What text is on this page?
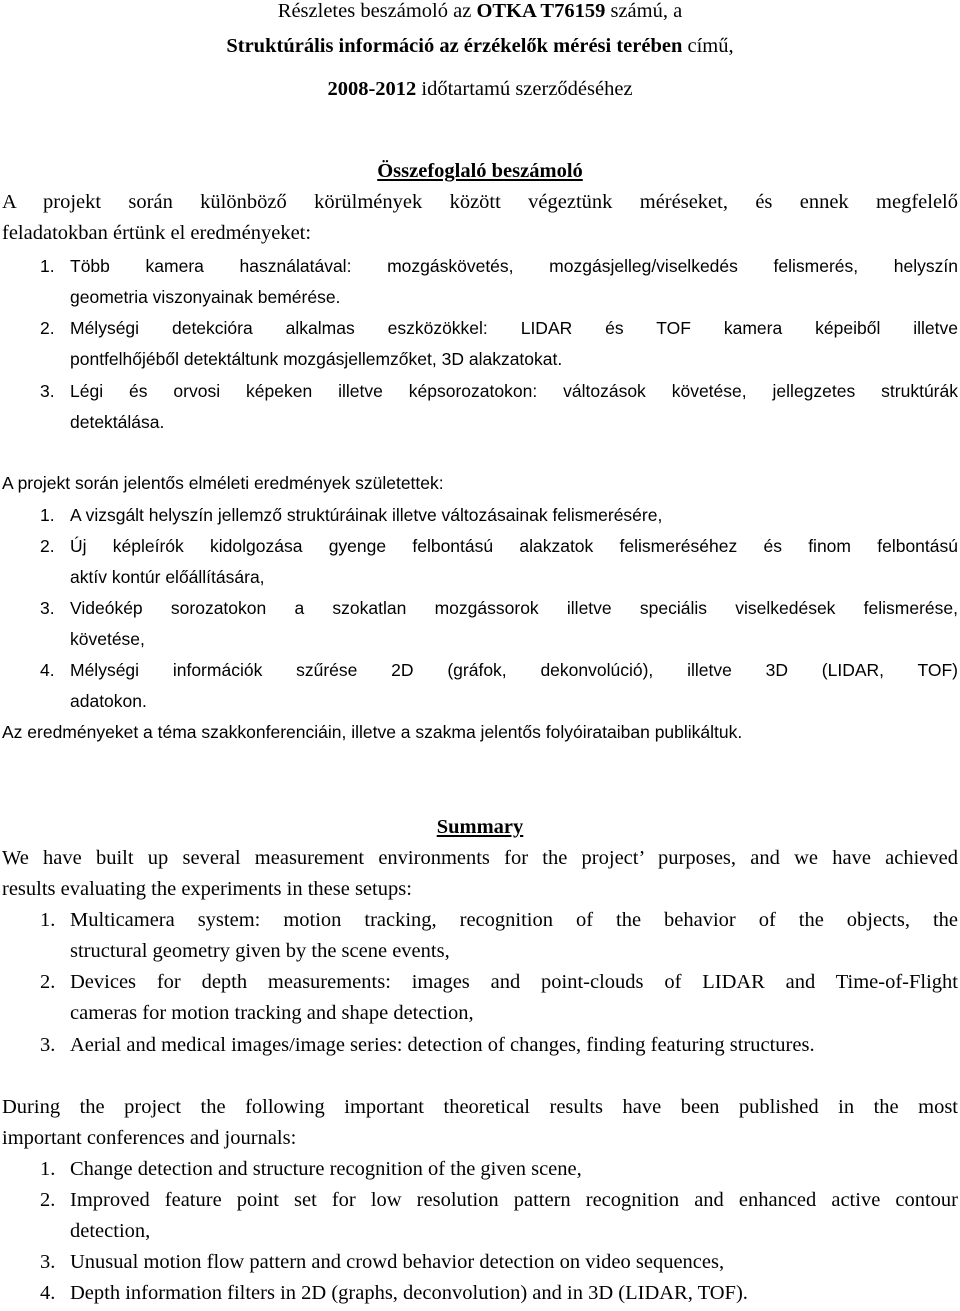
Részletes beszámoló az OTKA T76159 számú, a
Struktúrális információ az érzékelők mérési terében című,
2008-2012 időtartamú szerződéséhez
Összefoglaló beszámoló
A projekt során különböző körülmények között végeztünk méréseket, és ennek megfelelő
feladatokban értünk el eredményeket:
1. Több kamera használatával: mozgáskövetés, mozgásjelleg/viselkedés felismerés, helyszín
geometria viszonyainak bemérése.
2. Mélységi detekcióra alkalmas eszközökkel: LIDAR és TOF kamera képeiből illetve
pontfelhőjéből detektáltunk mozgásjellemzőket, 3D alakzatokat.
3. Légi és orvosi képeken illetve képsorozatokon: változások követése, jellegzetes struktúrák
detektálása.
A projekt során jelentős elméleti eredmények születettek:
1. A vizsgált helyszín jellemző struktúráinak illetve változásainak felismerésére,
2. Új képleírók kidolgozása gyenge felbontású alakzatok felismeréséhez és finom felbontású
aktív kontúr előállítására,
3. Videókép sorozatokon a szokatlan mozgássorok illetve speciális viselkedések felismerése,
követése,
4. Mélységi információk szűrése 2D (gráfok, dekonvolúció), illetve 3D (LIDAR, TOF)
adatokon.
Az eredményeket a téma szakkonferenciáin, illetve a szakma jelentős folyóirataiban publikáltuk.
Summary
We have built up several measurement environments for the project’ purposes, and we have achieved
results evaluating the experiments in these setups:
1. Multicamera system: motion tracking, recognition of the behavior of the objects, the
structural geometry given by the scene events,
2. Devices for depth measurements: images and point-clouds of LIDAR and Time-of-Flight
cameras for motion tracking and shape detection,
3. Aerial and medical images/image series: detection of changes, finding featuring structures.
During the project the following important theoretical results have been published in the most
important conferences and journals:
1. Change detection and structure recognition of the given scene,
2. Improved feature point set for low resolution pattern recognition and enhanced active contour
detection,
3. Unusual motion flow pattern and crowd behavior detection on video sequences,
4. Depth information filters in 2D (graphs, deconvolution) and in 3D (LIDAR, TOF).
